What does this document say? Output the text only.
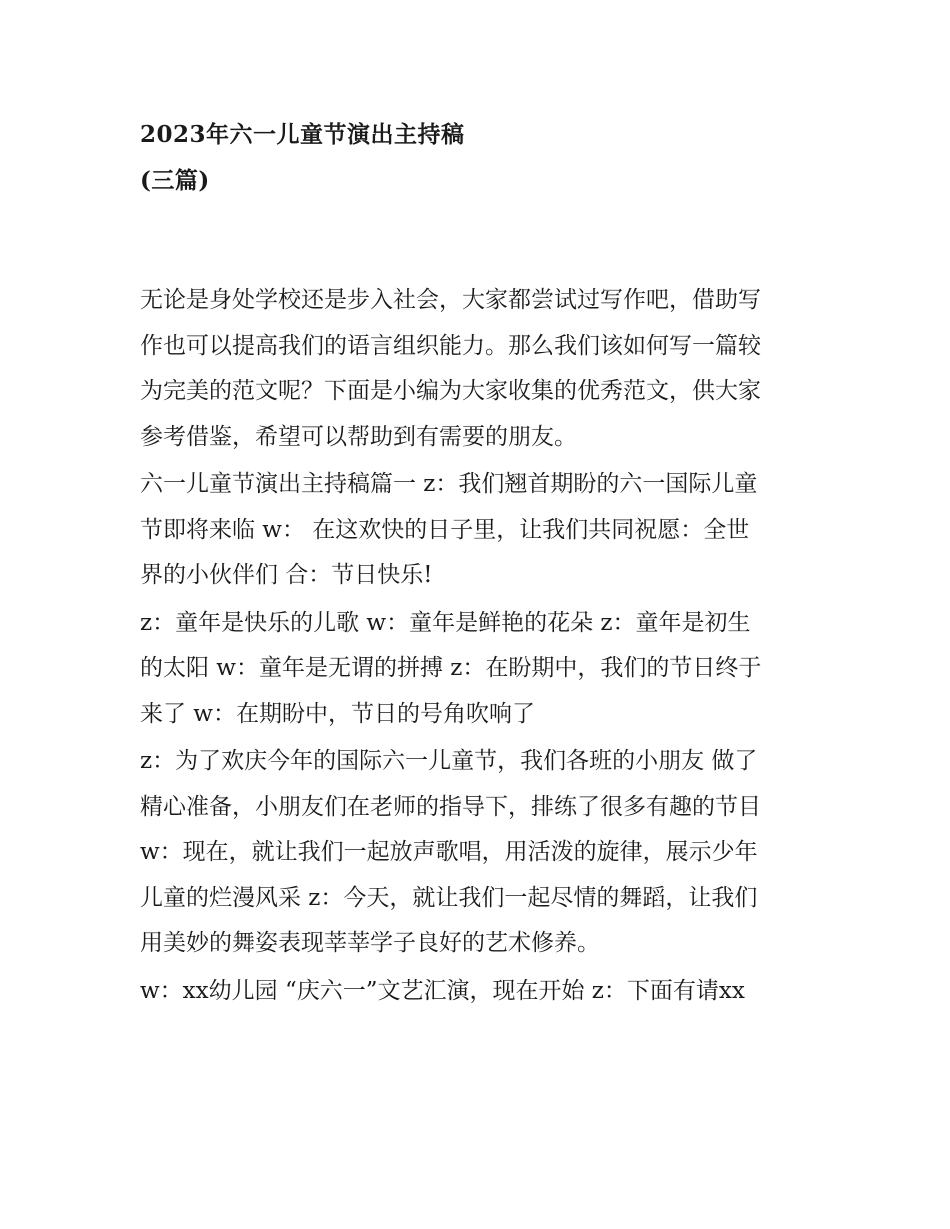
2023年六一儿童节演出主持稿
(三篇)
无论是身处学校还是步入社会，大家都尝试过写作吧，借助写
作也可以提高我们的语言组织能力。那么我们该如何写一篇较
为完美的范文呢？下面是小编为大家收集的优秀范文，供大家
参考借鉴，希望可以帮助到有需要的朋友。
六一儿童节演出主持稿篇一 z：我们翘首期盼的六一国际儿童
节即将来临 w： 在这欢快的日子里，让我们共同祝愿：全世
界的小伙伴们 合：节日快乐!
z：童年是快乐的儿歌 w：童年是鲜艳的花朵 z：童年是初生
的太阳 w：童年是无谓的拼搏 z：在盼期中，我们的节日终于
来了 w：在期盼中，节日的号角吹响了
z：为了欢庆今年的国际六一儿童节，我们各班的小朋友 做了
精心准备，小朋友们在老师的指导下，排练了很多有趣的节目
w：现在，就让我们一起放声歌唱，用活泼的旋律，展示少年
儿童的烂漫风采 z：今天，就让我们一起尽情的舞蹈，让我们
用美妙的舞姿表现莘莘学子良好的艺术修养。
w：xx幼儿园 “庆六一”文艺汇演，现在开始 z：下面有请xx
